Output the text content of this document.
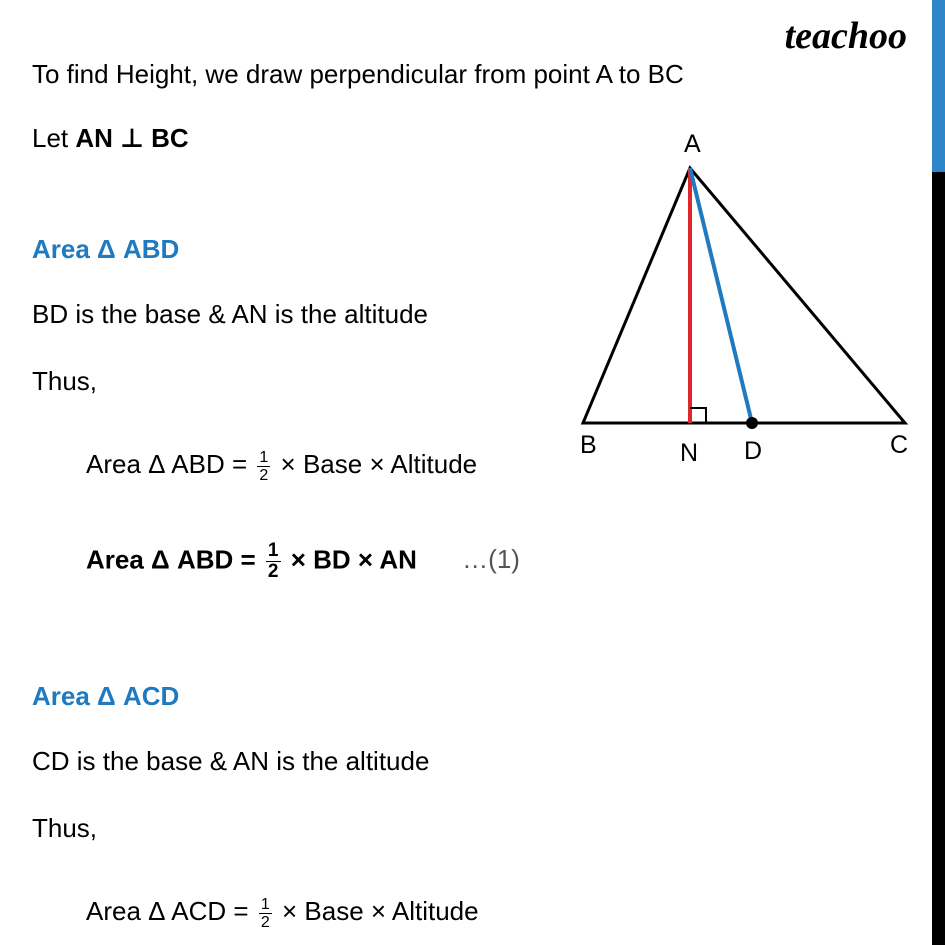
teachoo
To find Height, we draw perpendicular from point A to BC
Let AN ⊥ BC
Area Δ ABD
BD is the base & AN is the altitude
Thus,
Area Δ ABD = $\frac{1}{2}$ × Base × Altitude
Area Δ ABD = $\frac{1}{2}$ × BD × AN …(1)
Area Δ ACD
CD is the base & AN is the altitude
Thus,
Area Δ ACD = $\frac{1}{2}$ × Base × Altitude
A
B	N D	C
